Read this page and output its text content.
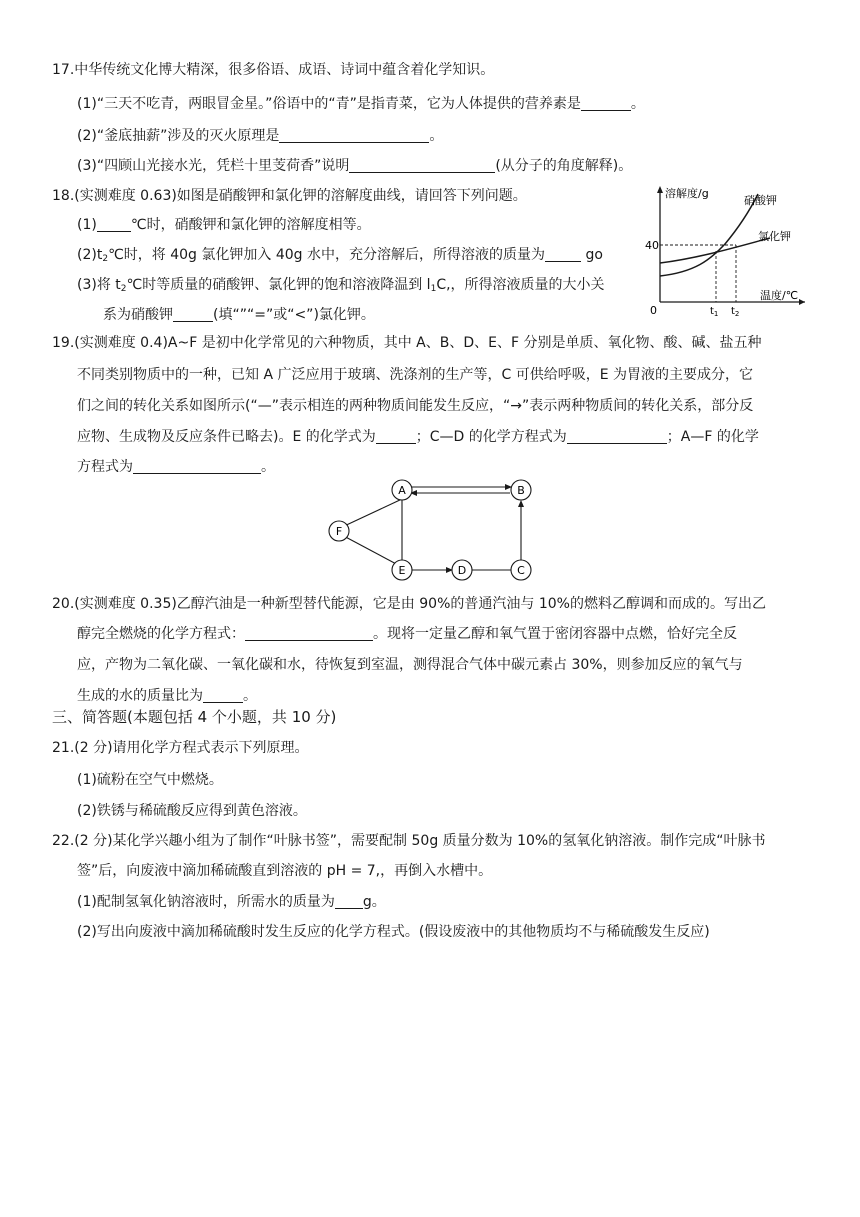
17.中华传统文化博大精深，很多俗语、成语、诗词中蕴含着化学知识。
(1)“三天不吃青，两眼冒金星。”俗语中的“青”是指青菜，它为人体提供的营养素是	。
(2)“釜底抽薪”涉及的灭火原理是	。
(3)“四顾山光接水光，凭栏十里芰荷香”说明	(从分子的角度解释)。
18.(实测难度 0.63)如图是硝酸钾和氯化钾的溶解度曲线，请回答下列问题。
(1) ℃时，硝酸钾和氯化钾的溶解度相等。
$(2)t_2℃$时，将 40g 氯化钾加入 40g 水中，充分溶解后，所得溶液的质量为	go
(3)将 $t_2℃$时等质量的硝酸钾、氯化钾的饱和溶液降温到 $l_1C$,，所得溶液质量的大小关
系为硝酸钾	(填“”“=”或“<”)氯化钾。
溶解度/g
温度/℃
40
0
硝酸钾
氯化钾
$t_1$ $t_2$
19.(实测难度 0.4)A~F 是初中化学常见的六种物质，其中 A、B、D、E、F 分别是单质、氧化物、酸、碱、盐五种
不同类别物质中的一种，已知 A 广泛应用于玻璃、洗涤剂的生产等，C 可供给呼吸，E 为胃液的主要成分，它
们之间的转化关系如图所示(“—”表示相连的两种物质间能发生反应，“→”表示两种物质间的转化关系，部分反
应物、生成物及反应条件已略去)。E 的化学式为	；C—D 的化学方程式为	；A—F 的化学
方程式为	。
A	B
F
E	D	C
20.(实测难度 0.35)乙醇汽油是一种新型替代能源，它是由 90%的普通汽油与 10%的燃料乙醇调和而成的。写出乙
醇完全燃烧的化学方程式：	。现将一定量乙醇和氧气置于密闭容器中点燃，恰好完全反
应，产物为二氧化碳、一氧化碳和水，待恢复到室温，测得混合气体中碳元素占 30%，则参加反应的氧气与
生成的水的质量比为	。
三、简答题(本题包括 4 个小题，共 10 分)
21.(2 分)请用化学方程式表示下列原理。
(1)硫粉在空气中燃烧。
(2)铁锈与稀硫酸反应得到黄色溶液。
22.(2 分)某化学兴趣小组为了制作“叶脉书签”，需要配制 50g 质量分数为 10%的氢氧化钠溶液。制作完成“叶脉书
签”后，向废液中滴加稀硫酸直到溶液的 pH = 7,，再倒入水槽中。
(1)配制氢氧化钠溶液时，所需水的质量为 g。
(2)写出向废液中滴加稀硫酸时发生反应的化学方程式。(假设废液中的其他物质均不与稀硫酸发生反应)
